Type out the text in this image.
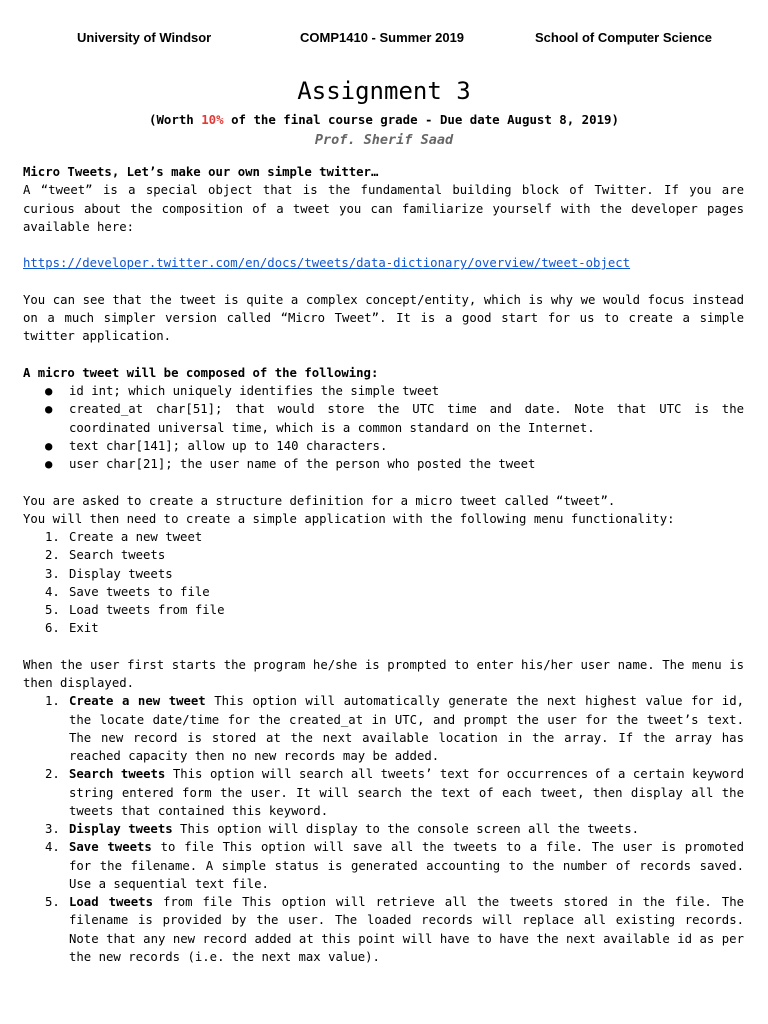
University of Windsor	COMP1410 - Summer 2019	School of Computer Science
Assignment 3
(Worth 10% of the final course grade - Due date August 8, 2019)
Prof. Sherif Saad

Micro Tweets, Let’s make our own simple twitter…

A “tweet” is a special object that is the fundamental building block of Twitter. If you are curious about the composition of a tweet you can familiarize yourself with the developer pages available here:

https://developer.twitter.com/en/docs/tweets/data-dictionary/overview/tweet-object

You can see that the tweet is quite a complex concept/entity, which is why we would focus instead on a much simpler version called “Micro Tweet”. It is a good start for us to create a simple twitter application.

A micro tweet will be composed of the following:

● id int; which uniquely identifies the simple tweet
● created_at char[51]; that would store the UTC time and date. Note that UTC is the coordinated universal time, which is a common standard on the Internet.
● text char[141]; allow up to 140 characters.
● user char[21]; the user name of the person who posted the tweet

You are asked to create a structure definition for a micro tweet called “tweet”.

You will then need to create a simple application with the following menu functionality:

1. Create a new tweet
2. Search tweets
3. Display tweets
4. Save tweets to file
5. Load tweets from file
6. Exit

When the user first starts the program he/she is prompted to enter his/her user name. The menu is then displayed.

1. Create a new tweet This option will automatically generate the next highest value for id, the locate date/time for the created_at in UTC, and prompt the user for the tweet’s text. The new record is stored at the next available location in the array. If the array has reached capacity then no new records may be added.
2. Search tweets This option will search all tweets’ text for occurrences of a certain keyword string entered form the user. It will search the text of each tweet, then display all the tweets that contained this keyword.
3. Display tweets This option will display to the console screen all the tweets.
4. Save tweets to file This option will save all the tweets to a file. The user is promoted for the filename. A simple status is generated accounting to the number of records saved. Use a sequential text file.
5. Load tweets from file This option will retrieve all the tweets stored in the file. The filename is provided by the user. The loaded records will replace all existing records. Note that any new record added at this point will have to have the next available id as per the new records (i.e. the next max value).
